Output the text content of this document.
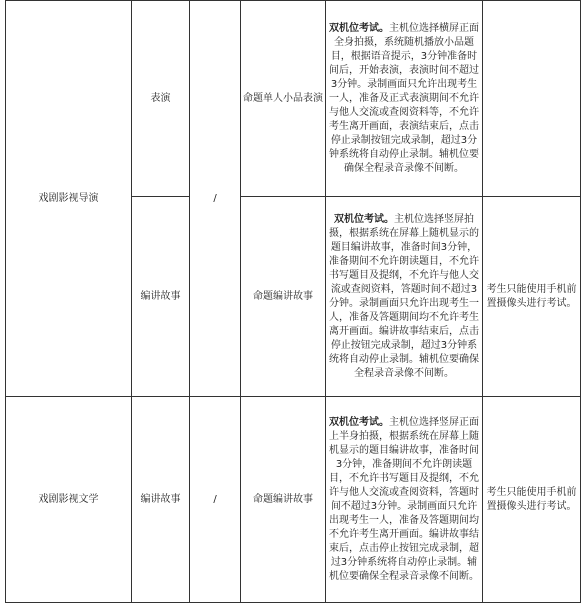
戏剧影视导演	表演	/	命题单人小品表演	双机位考试。主机位选择横屏正面全身拍摄，系统随机播放小品题目，根据语音提示，3分钟准备时间后，开始表演，表演时间不超过3分钟。录制画面只允许出现考生一人，准备及正式表演期间不允许与他人交流或查阅资料等，不允许考生离开画面，表演结束后，点击停止录制按钮完成录制，超过3分钟系统将自动停止录制。辅机位要确保全程录音录像不间断。	

	编讲故事		命题编讲故事	双机位考试。主机位选择竖屏拍摄，根据系统在屏幕上随机显示的题目编讲故事，准备时间3分钟，准备期间不允许朗读题目，不允许书写题目及提纲，不允许与他人交流或查阅资料，答题时间不超过3分钟。录制画面只允许出现考生一人，准备及答题期间均不允许考生离开画面。编讲故事结束后，点击停止按钮完成录制，超过3分钟系统将自动停止录制。辅机位要确保全程录音录像不间断。	考生只能使用手机前置摄像头进行考试。

戏剧影视文学	编讲故事	/	命题编讲故事	双机位考试。主机位选择竖屏正面上半身拍摄，根据系统在屏幕上随机显示的题目编讲故事，准备时间3分钟，准备期间不允许朗读题目，不允许书写题目及提纲，不允许与他人交流或查阅资料，答题时间不超过3分钟。录制画面只允许出现考生一人，准备及答题期间均不允许考生离开画面。编讲故事结束后，点击停止按钮完成录制，超过3分钟系统将自动停止录制。辅机位要确保全程录音录像不间断。	考生只能使用手机前置摄像头进行考试。
